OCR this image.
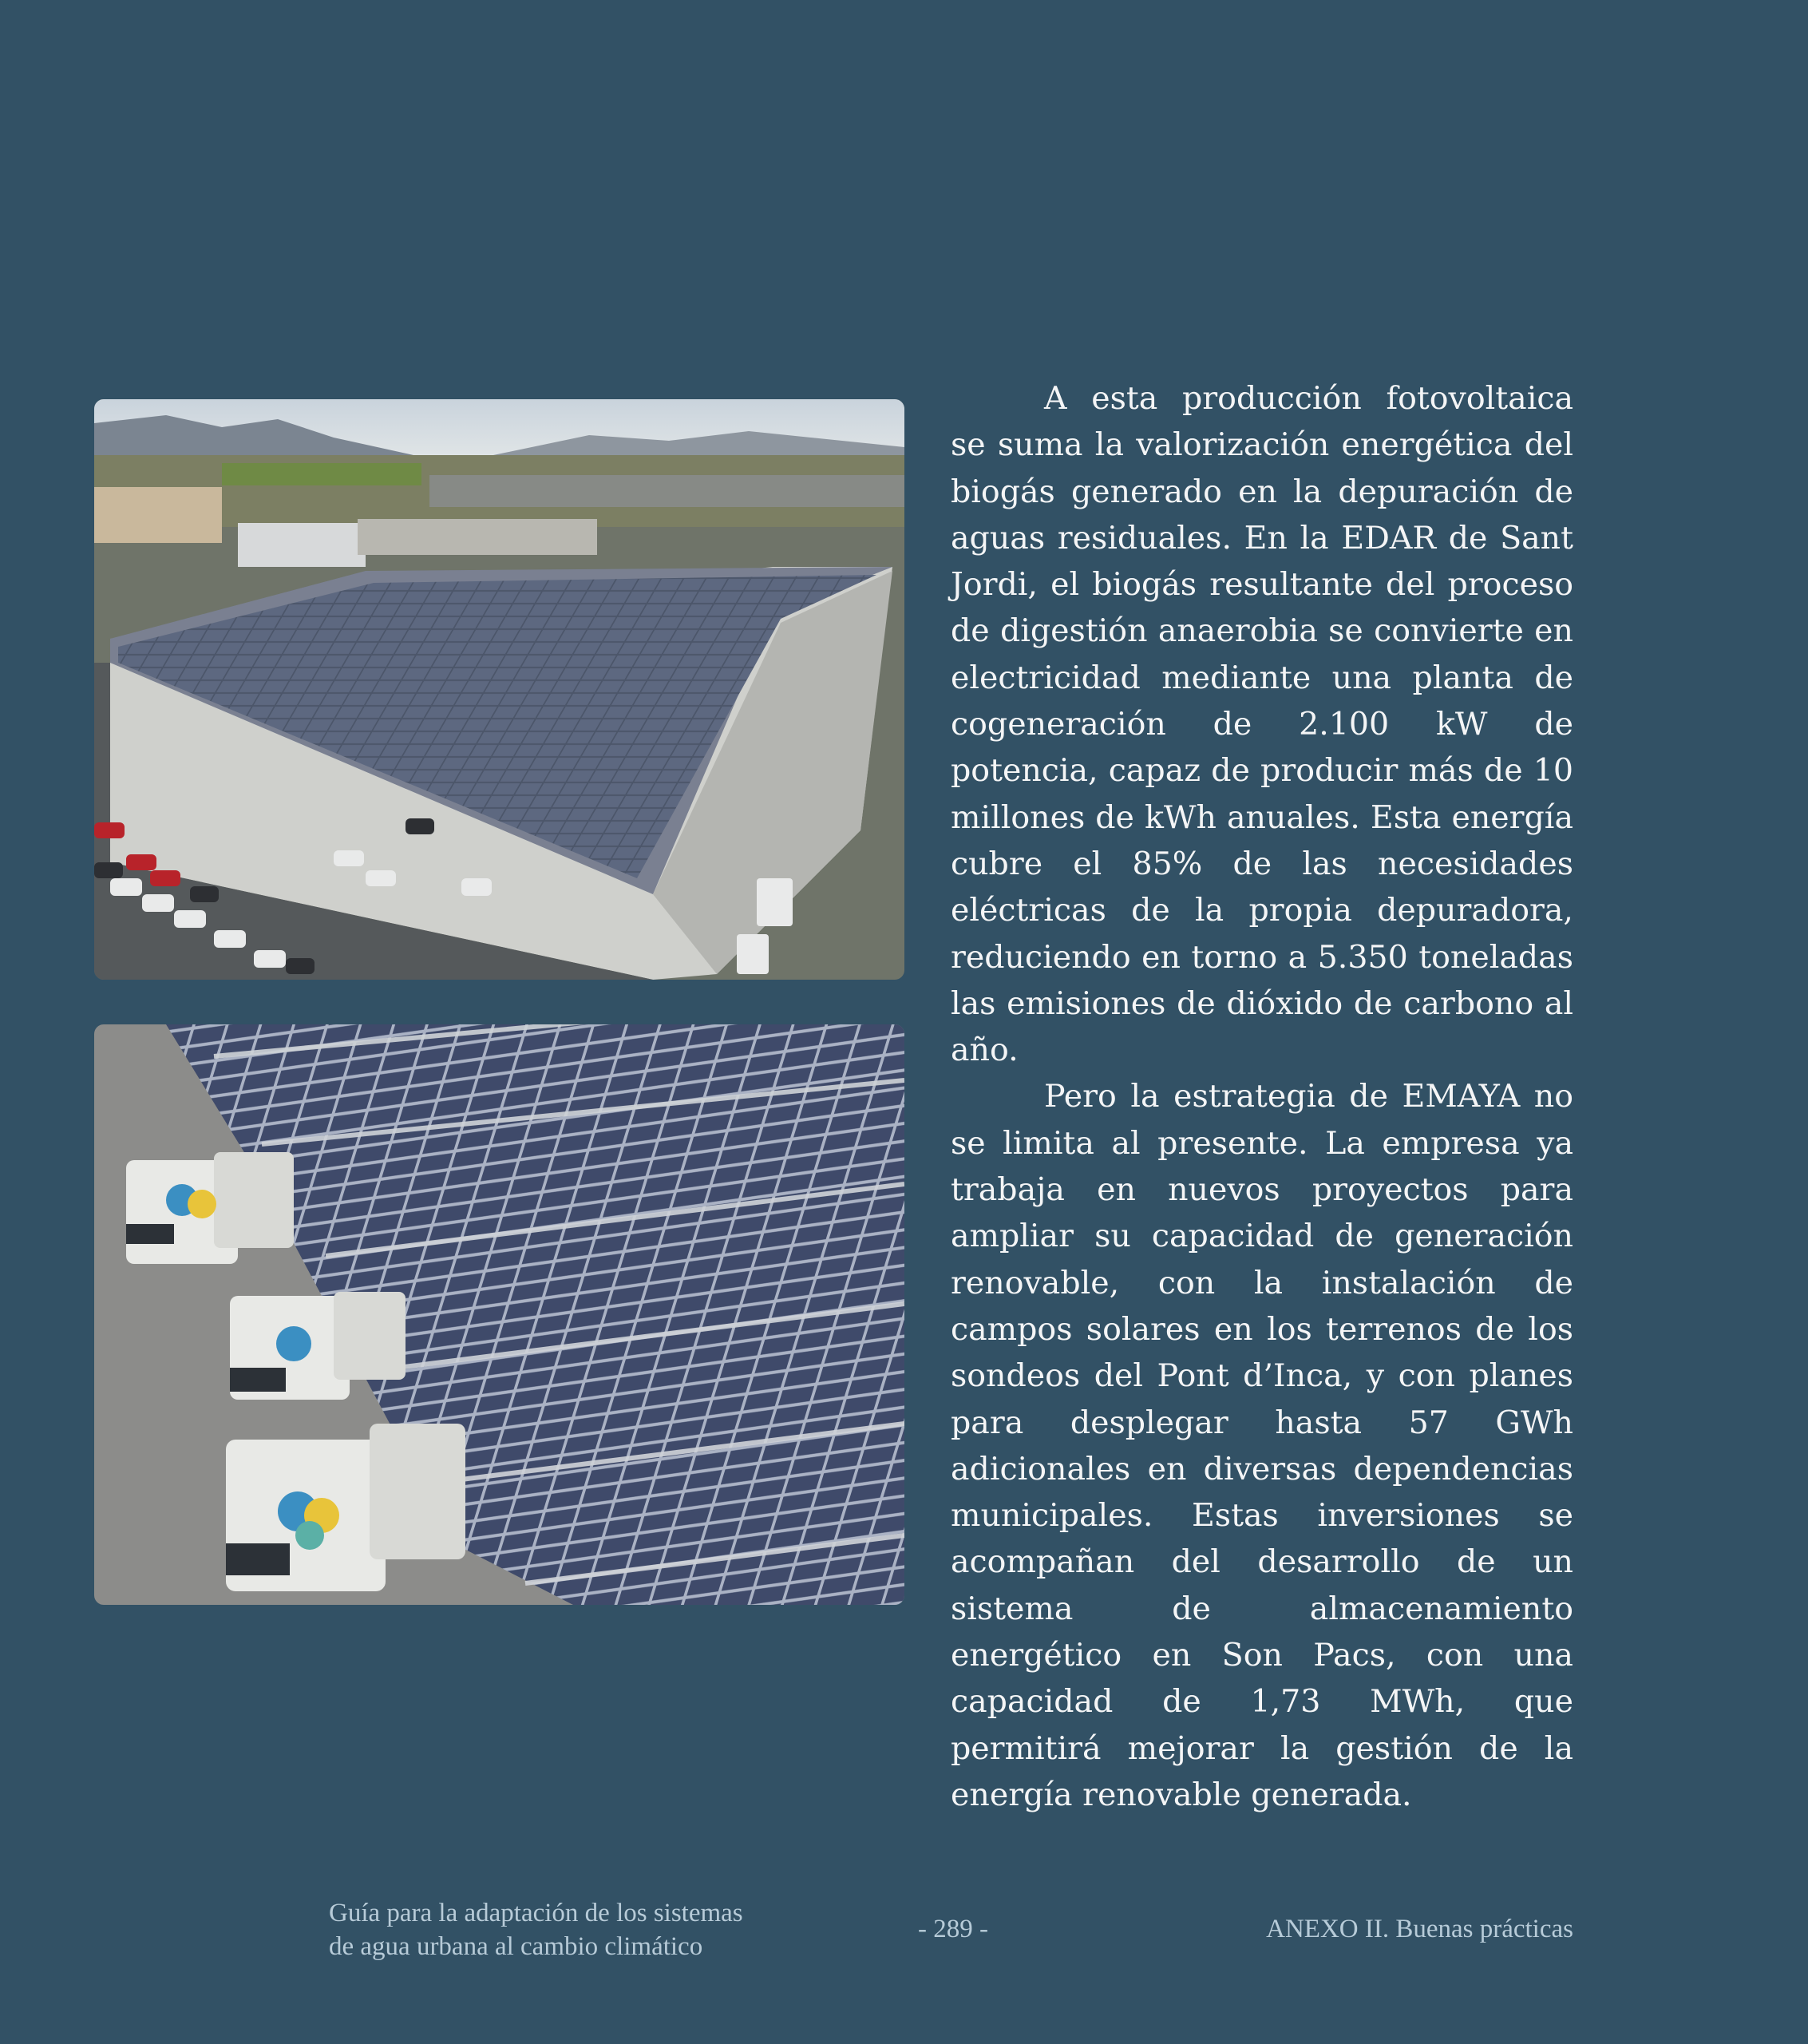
A esta producción fotovoltaica se suma la valorización energética del biogás generado en la depuración de aguas residuales. En la EDAR de Sant Jordi, el biogás resultante del proceso de digestión anaerobia se convierte en electricidad mediante una planta de cogeneración de 2.100 kW de potencia, capaz de producir más de 10 millones de kWh anuales. Esta energía cubre el 85% de las necesidades eléctricas de la propia depuradora, reduciendo en torno a 5.350 toneladas las emisiones de dióxido de carbono al año.

Pero la estrategia de EMAYA no se limita al presente. La empresa ya trabaja en nuevos proyectos para ampliar su capacidad de generación renovable, con la instalación de campos solares en los terrenos de los sondeos del Pont d’Inca, y con planes para desplegar hasta 57 GWh adicionales en diversas dependencias municipales. Estas inversiones se acompañan del desarrollo de un sistema de almacenamiento energético en Son Pacs, con una capacidad de 1,73 MWh, que permitirá mejorar la gestión de la energía renovable generada.

Guía para la adaptación de los sistemas
de agua urbana al cambio climático
- 289 -	ANEXO II. Buenas prácticas
